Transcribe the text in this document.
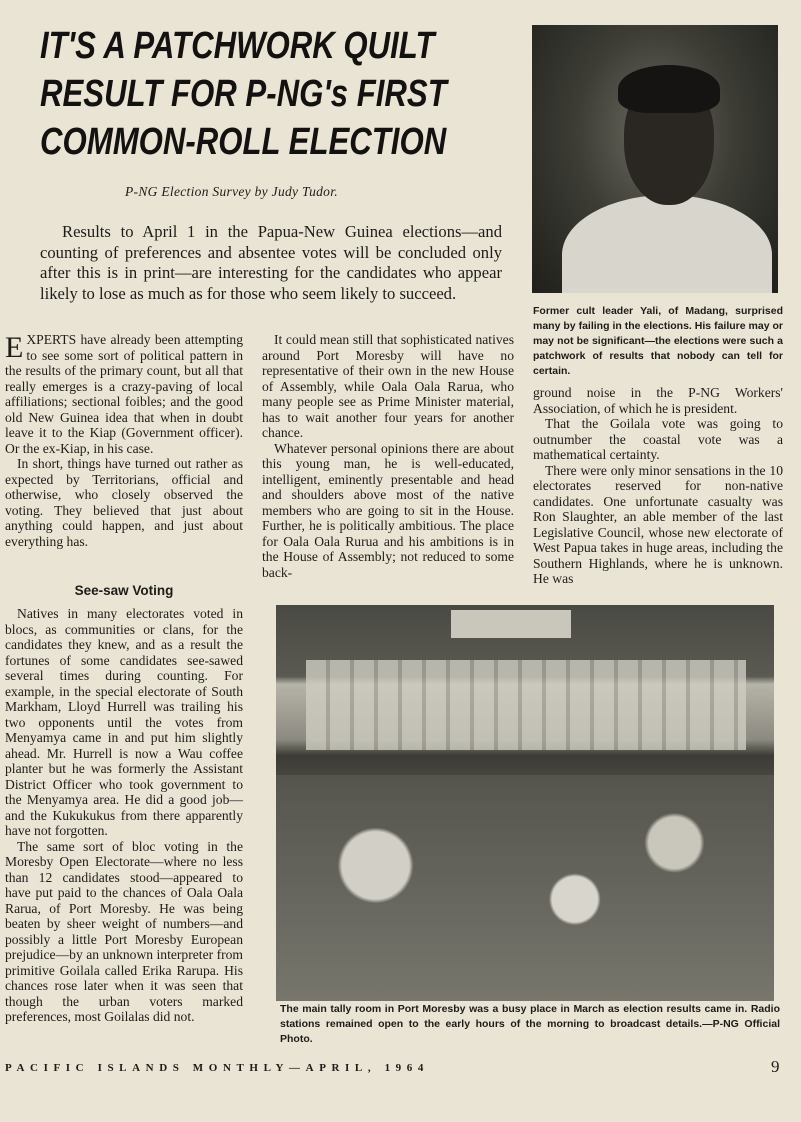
IT'S A PATCHWORK QUILT
RESULT FOR P-NG's FIRST
COMMON-ROLL ELECTION
P-NG Election Survey by Judy Tudor.

Results to April 1 in the Papua-New Guinea elections—and counting of preferences and absentee votes will be concluded only after this is in print—are interesting for the candidates who appear likely to lose as much as for those who seem likely to succeed.

Former cult leader Yali, of Madang, surprised many by failing in the elections. His failure may or may not be significant—the elections were such a patchwork of results that nobody can tell for certain.

EXPERTS have already been attempting to see some sort of political pattern in the results of the primary count, but all that really emerges is a crazy-paving of local affiliations; sectional foibles; and the good old New Guinea idea that when in doubt leave it to the Kiap (Government officer). Or the ex-Kiap, in his case.

In short, things have turned out rather as expected by Territorians, official and otherwise, who closely observed the voting. They believed that just about anything could happen, and just about everything has.

See-saw Voting

Natives in many electorates voted in blocs, as communities or clans, for the candidates they knew, and as a result the fortunes of some candidates see-sawed several times during counting. For example, in the special electorate of South Markham, Lloyd Hurrell was trailing his two opponents until the votes from Menyamya came in and put him slightly ahead. Mr. Hurrell is now a Wau coffee planter but he was formerly the Assistant District Officer who took government to the Menyamya area. He did a good job—and the Kukukukus from there apparently have not forgotten.

The same sort of bloc voting in the Moresby Open Electorate—where no less than 12 candidates stood—appeared to have put paid to the chances of Oala Oala Rarua, of Port Moresby. He was being beaten by sheer weight of numbers—and possibly a little Port Moresby European prejudice—by an unknown interpreter from primitive Goilala called Erika Rarupa. His chances rose later when it was seen that though the urban voters marked preferences, most Goilalas did not.

It could mean still that sophisticated natives around Port Moresby will have no representative of their own in the new House of Assembly, while Oala Oala Rarua, who many people see as Prime Minister material, has to wait another four years for another chance.

Whatever personal opinions there are about this young man, he is well-educated, intelligent, eminently presentable and head and shoulders above most of the native members who are going to sit in the House. Further, he is politically ambitious. The place for Oala Oala Rurua and his ambitions is in the House of Assembly; not reduced to some back-

ground noise in the P-NG Workers' Association, of which he is president.

That the Goilala vote was going to outnumber the coastal vote was a mathematical certainty.

There were only minor sensations in the 10 electorates reserved for non-native candidates. One unfortunate casualty was Ron Slaughter, an able member of the last Legislative Council, whose new electorate of West Papua takes in huge areas, including the Southern Highlands, where he is unknown. He was

The main tally room in Port Moresby was a busy place in March as election results came in. Radio stations remained open to the early hours of the morning to broadcast details.—P-NG Official Photo.
PACIFIC ISLANDS MONTHLY—APRIL, 1964	9
